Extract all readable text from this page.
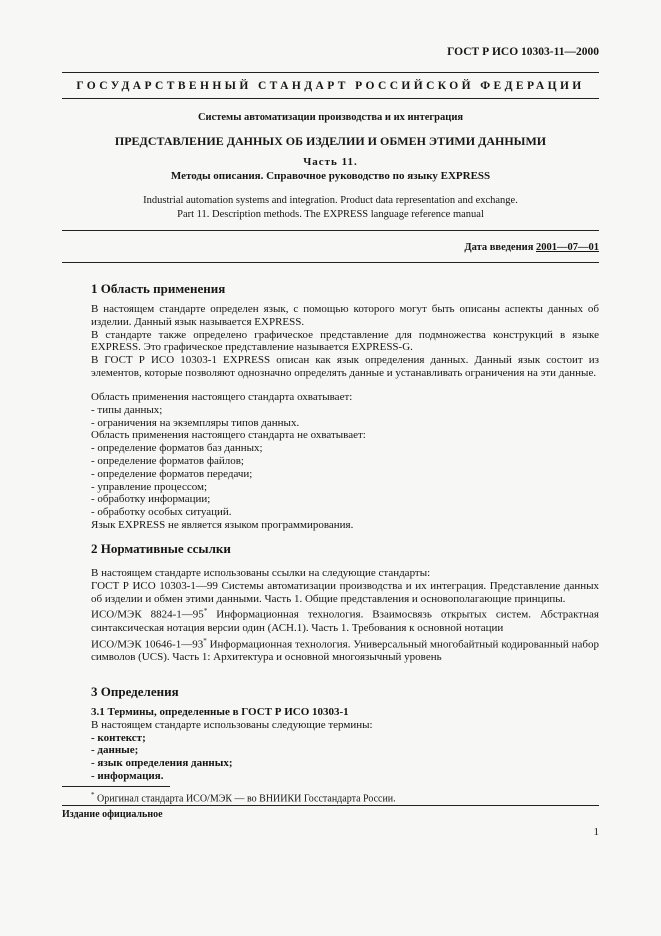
ГОСТ Р ИСО 10303-11—2000
ГОСУДАРСТВЕННЫЙ СТАНДАРТ РОССИЙСКОЙ ФЕДЕРАЦИИ
Системы автоматизации производства и их интеграция
ПРЕДСТАВЛЕНИЕ ДАННЫХ ОБ ИЗДЕЛИИ И ОБМЕН ЭТИМИ ДАННЫМИ
Часть 11.
Методы описания. Справочное руководство по языку EXPRESS
Industrial automation systems and integration. Product data representation and exchange.
Part 11. Description methods. The EXPRESS language reference manual
Дата введения 2001—07—01
1 Область применения
В настоящем стандарте определен язык, с помощью которого могут быть описаны аспекты данных об изделии. Данный язык называется EXPRESS.
В стандарте также определено графическое представление для подмножества конструкций в языке EXPRESS. Это графическое представление называется EXPRESS-G.
В ГОСТ Р ИСО 10303-1 EXPRESS описан как язык определения данных. Данный язык состоит из элементов, которые позволяют однозначно определять данные и устанавливать ограничения на эти данные.
Область применения настоящего стандарта охватывает:
- типы данных;
- ограничения на экземпляры типов данных.
Область применения настоящего стандарта не охватывает:
- определение форматов баз данных;
- определение форматов файлов;
- определение форматов передачи;
- управление процессом;
- обработку информации;
- обработку особых ситуаций.
Язык EXPRESS не является языком программирования.
2 Нормативные ссылки
В настоящем стандарте использованы ссылки на следующие стандарты:
ГОСТ Р ИСО 10303-1—99 Системы автоматизации производства и их интеграция. Представление данных об изделии и обмен этими данными. Часть 1. Общие представления и основополагающие принципы.
ИСО/МЭК 8824-1—95* Информационная технология. Взаимосвязь открытых систем. Абстрактная синтаксическая нотация версии один (АСН.1). Часть 1. Требования к основной нотации
ИСО/МЭК 10646-1—93* Информационная технология. Универсальный многобайтный кодированный набор символов (UCS). Часть 1: Архитектура и основной многоязычный уровень
3 Определения
3.1 Термины, определенные в ГОСТ Р ИСО 10303-1
В настоящем стандарте использованы следующие термины:
- контекст;
- данные;
- язык определения данных;
- информация.
* Оригинал стандарта ИСО/МЭК — во ВНИИКИ Госстандарта России.
Издание официальное
1
